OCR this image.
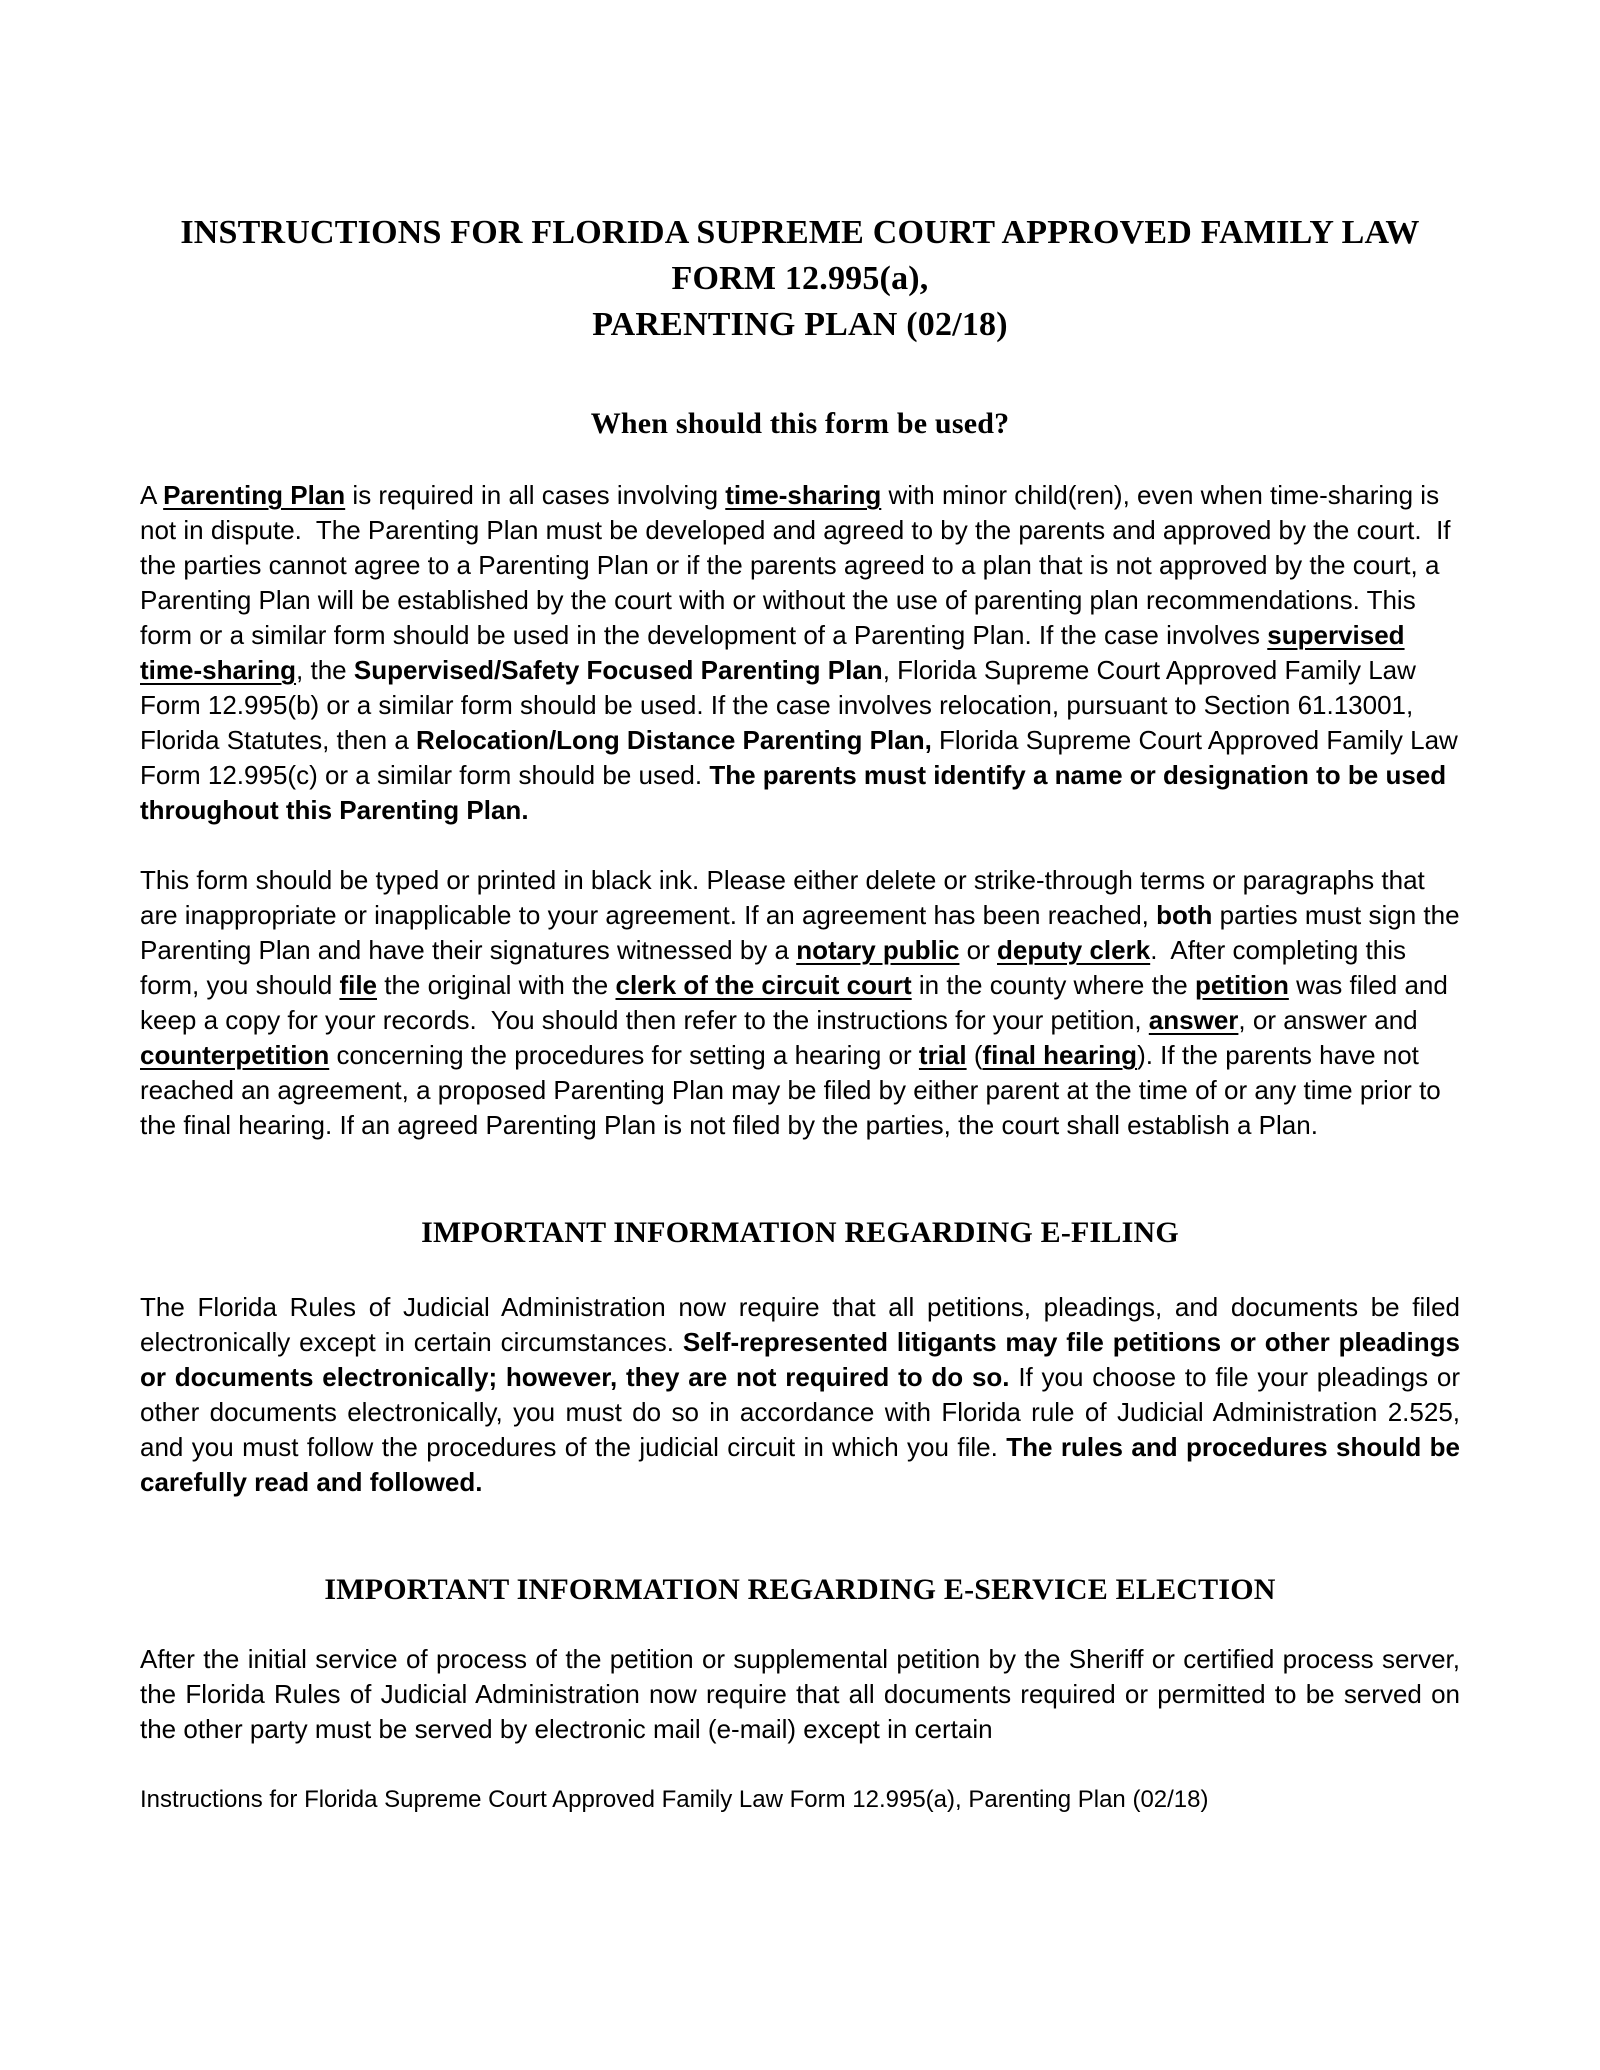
INSTRUCTIONS FOR FLORIDA SUPREME COURT APPROVED FAMILY LAW
FORM 12.995(a),
PARENTING PLAN (02/18)
When should this form be used?

A Parenting Plan is required in all cases involving time-sharing with minor child(ren), even when time-sharing is not in dispute.  The Parenting Plan must be developed and agreed to by the parents and approved by the court.  If the parties cannot agree to a Parenting Plan or if the parents agreed to a plan that is not approved by the court, a Parenting Plan will be established by the court with or without the use of parenting plan recommendations. This form or a similar form should be used in the development of a Parenting Plan. If the case involves supervised time-sharing, the Supervised/Safety Focused Parenting Plan, Florida Supreme Court Approved Family Law Form 12.995(b) or a similar form should be used. If the case involves relocation, pursuant to Section 61.13001, Florida Statutes, then a Relocation/Long Distance Parenting Plan, Florida Supreme Court Approved Family Law Form 12.995(c) or a similar form should be used. The parents must identify a name or designation to be used throughout this Parenting Plan.

This form should be typed or printed in black ink. Please either delete or strike-through terms or paragraphs that are inappropriate or inapplicable to your agreement. If an agreement has been reached, both parties must sign the Parenting Plan and have their signatures witnessed by a notary public or deputy clerk.  After completing this form, you should file the original with the clerk of the circuit court in the county where the petition was filed and keep a copy for your records.  You should then refer to the instructions for your petition, answer, or answer and counterpetition concerning the procedures for setting a hearing or trial (final hearing). If the parents have not reached an agreement, a proposed Parenting Plan may be filed by either parent at the time of or any time prior to the final hearing. If an agreed Parenting Plan is not filed by the parties, the court shall establish a Plan.

IMPORTANT INFORMATION REGARDING E-FILING

The Florida Rules of Judicial Administration now require that all petitions, pleadings, and documents be filed electronically except in certain circumstances. Self-represented litigants may file petitions or other pleadings or documents electronically; however, they are not required to do so. If you choose to file your pleadings or other documents electronically, you must do so in accordance with Florida rule of Judicial Administration 2.525, and you must follow the procedures of the judicial circuit in which you file. The rules and procedures should be carefully read and followed.

IMPORTANT INFORMATION REGARDING E-SERVICE ELECTION

After the initial service of process of the petition or supplemental petition by the Sheriff or certified process server, the Florida Rules of Judicial Administration now require that all documents required or permitted to be served on the other party must be served by electronic mail (e-mail) except in certain

Instructions for Florida Supreme Court Approved Family Law Form 12.995(a), Parenting Plan (02/18)
